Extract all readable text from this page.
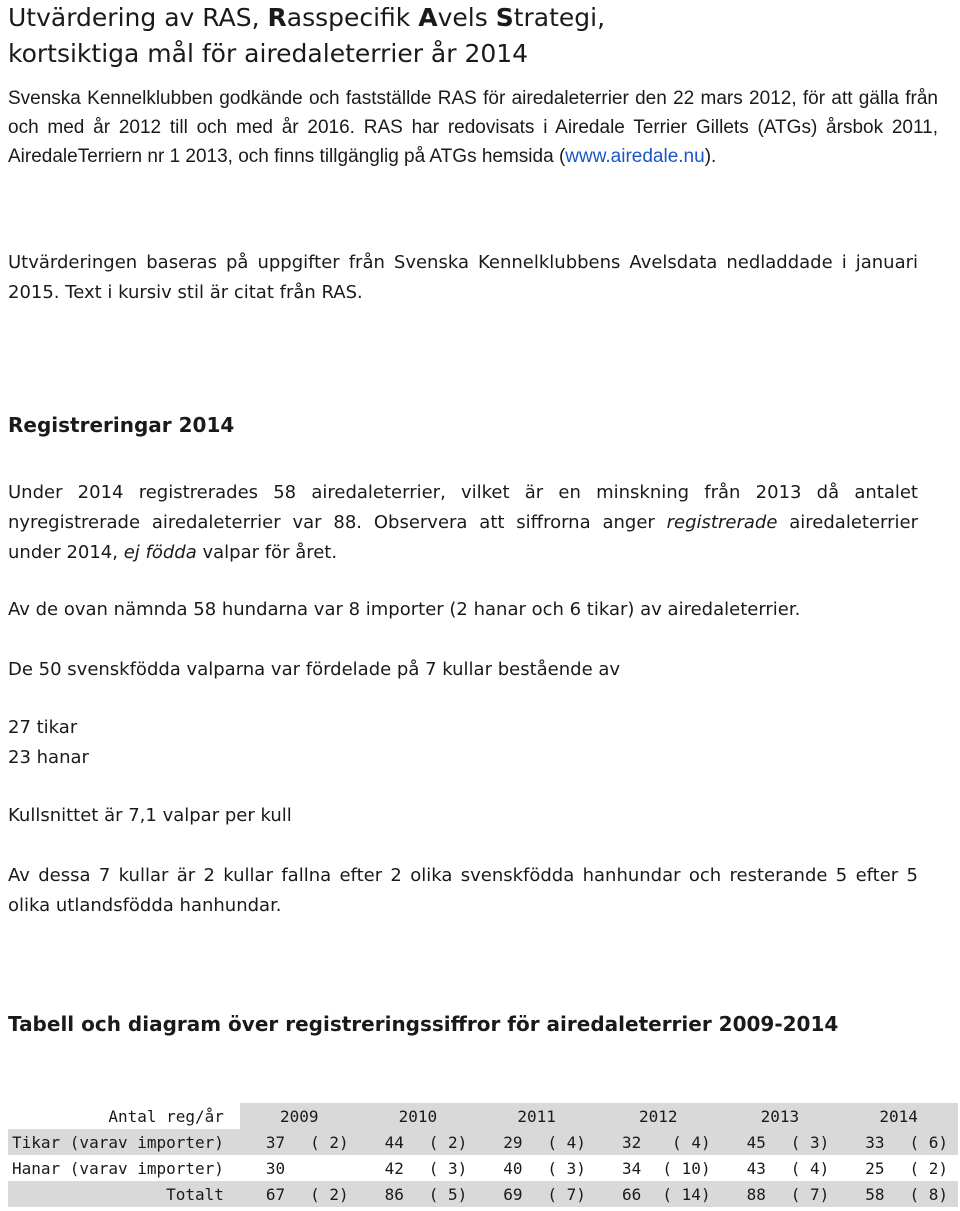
Utvärdering av RAS, Rasspecifik Avels Strategi,
kortsiktiga mål för airedaleterrier år 2014

Svenska Kennelklubben godkände och fastställde RAS för airedaleterrier den 22 mars 2012, för att gälla från och med år 2012 till och med år 2016. RAS har redovisats i Airedale Terrier Gillets (ATGs) årsbok 2011, AiredaleTerriern nr 1 2013, och finns tillgänglig på ATGs hemsida (www.airedale.nu).

Utvärderingen baseras på uppgifter från Svenska Kennelklubbens Avelsdata nedladdade i januari 2015. Text i kursiv stil är citat från RAS.

Registreringar 2014

Under 2014 registrerades 58 airedaleterrier, vilket är en minskning från 2013 då antalet nyregistrerade airedaleterrier var 88. Observera att siffrorna anger registrerade airedaleterrier under 2014, ej födda valpar för året.

Av de ovan nämnda 58 hundarna var 8 importer (2 hanar och 6 tikar) av airedaleterrier.

De 50 svenskfödda valparna var fördelade på 7 kullar bestående av

27 tikar

23 hanar

Kullsnittet är 7,1 valpar per kull

Av dessa 7 kullar är 2 kullar fallna efter 2 olika svenskfödda hanhundar och resterande 5 efter 5 olika utlandsfödda hanhundar.

Tabell och diagram över registreringssiffror för airedaleterrier 2009-2014
Antal reg/år	2009		2010		2011		2012		2013		2014	
Tikar (varav importer)	37	( 2)	44	( 2)	29	( 4)	32	( 4)	45	( 3)	33	( 6)
Hanar (varav importer)	30		42	( 3)	40	( 3)	34	( 10)	43	( 4)	25	( 2)
Totalt	67	( 2)	86	( 5)	69	( 7)	66	( 14)	88	( 7)	58	( 8)
